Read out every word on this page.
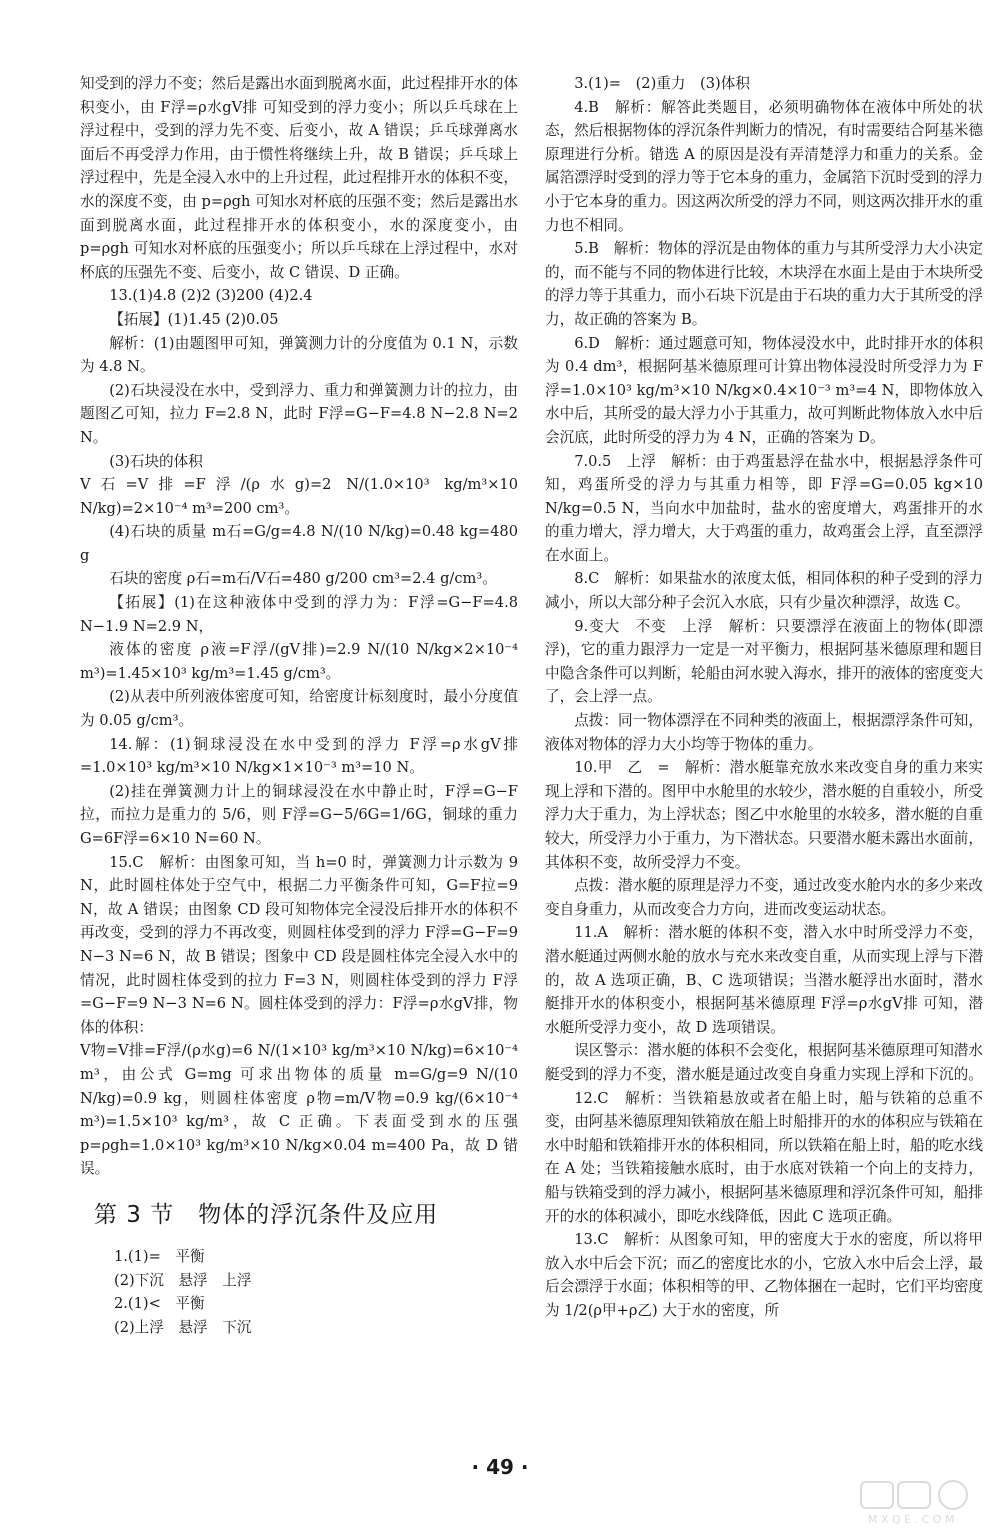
知受到的浮力不变；然后是露出水面到脱离水面，此过程排开水的体积变小，由 F浮=ρ水gV排 可知受到的浮力变小；所以乒乓球在上浮过程中，受到的浮力先不变、后变小，故 A 错误；乒乓球弹离水面后不再受浮力作用，由于惯性将继续上升，故 B 错误；乒乓球上浮过程中，先是全浸入水中的上升过程，此过程排开水的体积不变，水的深度不变，由 p=ρgh 可知水对杯底的压强不变；然后是露出水面到脱离水面，此过程排开水的体积变小，水的深度变小，由 p=ρgh 可知水对杯底的压强变小；所以乒乓球在上浮过程中，水对杯底的压强先不变、后变小，故 C 错误、D 正确。

13.(1)4.8 (2)2 (3)200 (4)2.4

【拓展】(1)1.45 (2)0.05

解析：(1)由题图甲可知，弹簧测力计的分度值为 0.1 N，示数为 4.8 N。

(2)石块浸没在水中，受到浮力、重力和弹簧测力计的拉力，由题图乙可知，拉力 F=2.8 N，此时 F浮=G−F=4.8 N−2.8 N=2 N。

(3)石块的体积

V石=V排=F浮/(ρ水g)=2 N/(1.0×10³ kg/m³×10 N/kg)=2×10⁻⁴ m³=200 cm³。

(4)石块的质量 m石=G/g=4.8 N/(10 N/kg)=0.48 kg=480 g

石块的密度 ρ石=m石/V石=480 g/200 cm³=2.4 g/cm³。

【拓展】(1)在这种液体中受到的浮力为：F浮=G−F=4.8 N−1.9 N=2.9 N，

液体的密度 ρ液=F浮/(gV排)=2.9 N/(10 N/kg×2×10⁻⁴ m³)=1.45×10³ kg/m³=1.45 g/cm³。

(2)从表中所列液体密度可知，给密度计标刻度时，最小分度值为 0.05 g/cm³。

14.解：(1)铜球浸没在水中受到的浮力 F浮=ρ水gV排=1.0×10³ kg/m³×10 N/kg×1×10⁻³ m³=10 N。

(2)挂在弹簧测力计上的铜球浸没在水中静止时，F浮=G−F拉，而拉力是重力的 5/6，则 F浮=G−5/6G=1/6G，铜球的重力 G=6F浮=6×10 N=60 N。

15.C　解析：由图象可知，当 h=0 时，弹簧测力计示数为 9 N，此时圆柱体处于空气中，根据二力平衡条件可知，G=F拉=9 N，故 A 错误；由图象 CD 段可知物体完全浸没后排开水的体积不再改变，受到的浮力不再改变，则圆柱体受到的浮力 F浮=G−F=9 N−3 N=6 N，故 B 错误；图象中 CD 段是圆柱体完全浸入水中的情况，此时圆柱体受到的拉力 F=3 N，则圆柱体受到的浮力 F浮=G−F=9 N−3 N=6 N。圆柱体受到的浮力：F浮=ρ水gV排，物体的体积：

V物=V排=F浮/(ρ水g)=6 N/(1×10³ kg/m³×10 N/kg)=6×10⁻⁴ m³，由公式 G=mg 可求出物体的质量 m=G/g=9 N/(10 N/kg)=0.9 kg，则圆柱体密度 ρ物=m/V物=0.9 kg/(6×10⁻⁴ m³)=1.5×10³ kg/m³，故 C 正确。下表面受到水的压强 p=ρgh=1.0×10³ kg/m³×10 N/kg×0.04 m=400 Pa，故 D 错误。

第 3 节　物体的浮沉条件及应用

1.(1)=　平衡

(2)下沉　悬浮　上浮

2.(1)<　平衡

(2)上浮　悬浮　下沉

3.(1)=　(2)重力　(3)体积

4.B　解析：解答此类题目，必须明确物体在液体中所处的状态，然后根据物体的浮沉条件判断力的情况，有时需要结合阿基米德原理进行分析。错选 A 的原因是没有弄清楚浮力和重力的关系。金属箔漂浮时受到的浮力等于它本身的重力，金属箔下沉时受到的浮力小于它本身的重力。因这两次所受的浮力不同，则这两次排开水的重力也不相同。

5.B　解析：物体的浮沉是由物体的重力与其所受浮力大小决定的，而不能与不同的物体进行比较，木块浮在水面上是由于木块所受的浮力等于其重力，而小石块下沉是由于石块的重力大于其所受的浮力，故正确的答案为 B。

6.D　解析：通过题意可知，物体浸没水中，此时排开水的体积为 0.4 dm³，根据阿基米德原理可计算出物体浸没时所受浮力为 F浮=1.0×10³ kg/m³×10 N/kg×0.4×10⁻³ m³=4 N，即物体放入水中后，其所受的最大浮力小于其重力，故可判断此物体放入水中后会沉底，此时所受的浮力为 4 N，正确的答案为 D。

7.0.5　上浮　解析：由于鸡蛋悬浮在盐水中，根据悬浮条件可知，鸡蛋所受的浮力与其重力相等，即 F浮=G=0.05 kg×10 N/kg=0.5 N，当向水中加盐时，盐水的密度增大，鸡蛋排开的水的重力增大，浮力增大，大于鸡蛋的重力，故鸡蛋会上浮，直至漂浮在水面上。

8.C　解析：如果盐水的浓度太低，相同体积的种子受到的浮力减小，所以大部分种子会沉入水底，只有少量次种漂浮，故选 C。

9.变大　不变　上浮　解析：只要漂浮在液面上的物体(即漂浮)，它的重力跟浮力一定是一对平衡力，根据阿基米德原理和题目中隐含条件可以判断，轮船由河水驶入海水，排开的液体的密度变大了，会上浮一点。

点拨：同一物体漂浮在不同种类的液面上，根据漂浮条件可知，液体对物体的浮力大小均等于物体的重力。

10.甲　乙　=　解析：潜水艇靠充放水来改变自身的重力来实现上浮和下潜的。图甲中水舱里的水较少，潜水艇的自重较小，所受浮力大于重力，为上浮状态；图乙中水舱里的水较多，潜水艇的自重较大，所受浮力小于重力，为下潜状态。只要潜水艇未露出水面前，其体积不变，故所受浮力不变。

点拨：潜水艇的原理是浮力不变，通过改变水舱内水的多少来改变自身重力，从而改变合力方向，进而改变运动状态。

11.A　解析：潜水艇的体积不变，潜入水中时所受浮力不变，潜水艇通过两侧水舱的放水与充水来改变自重，从而实现上浮与下潜的，故 A 选项正确，B、C 选项错误；当潜水艇浮出水面时，潜水艇排开水的体积变小，根据阿基米德原理 F浮=ρ水gV排 可知，潜水艇所受浮力变小，故 D 选项错误。

误区警示：潜水艇的体积不会变化，根据阿基米德原理可知潜水艇受到的浮力不变，潜水艇是通过改变自身重力实现上浮和下沉的。

12.C　解析：当铁箱悬放或者在船上时，船与铁箱的总重不变，由阿基米德原理知铁箱放在船上时船排开的水的体积应与铁箱在水中时船和铁箱排开水的体积相同，所以铁箱在船上时，船的吃水线在 A 处；当铁箱接触水底时，由于水底对铁箱一个向上的支持力，船与铁箱受到的浮力减小，根据阿基米德原理和浮沉条件可知，船排开的水的体积减小，即吃水线降低，因此 C 选项正确。

13.C　解析：从图象可知，甲的密度大于水的密度，所以将甲放入水中后会下沉；而乙的密度比水的小，它放入水中后会上浮，最后会漂浮于水面；体积相等的甲、乙物体捆在一起时，它们平均密度为 1/2(ρ甲+ρ乙) 大于水的密度，所

· 49 ·
M X Q E . C O M
